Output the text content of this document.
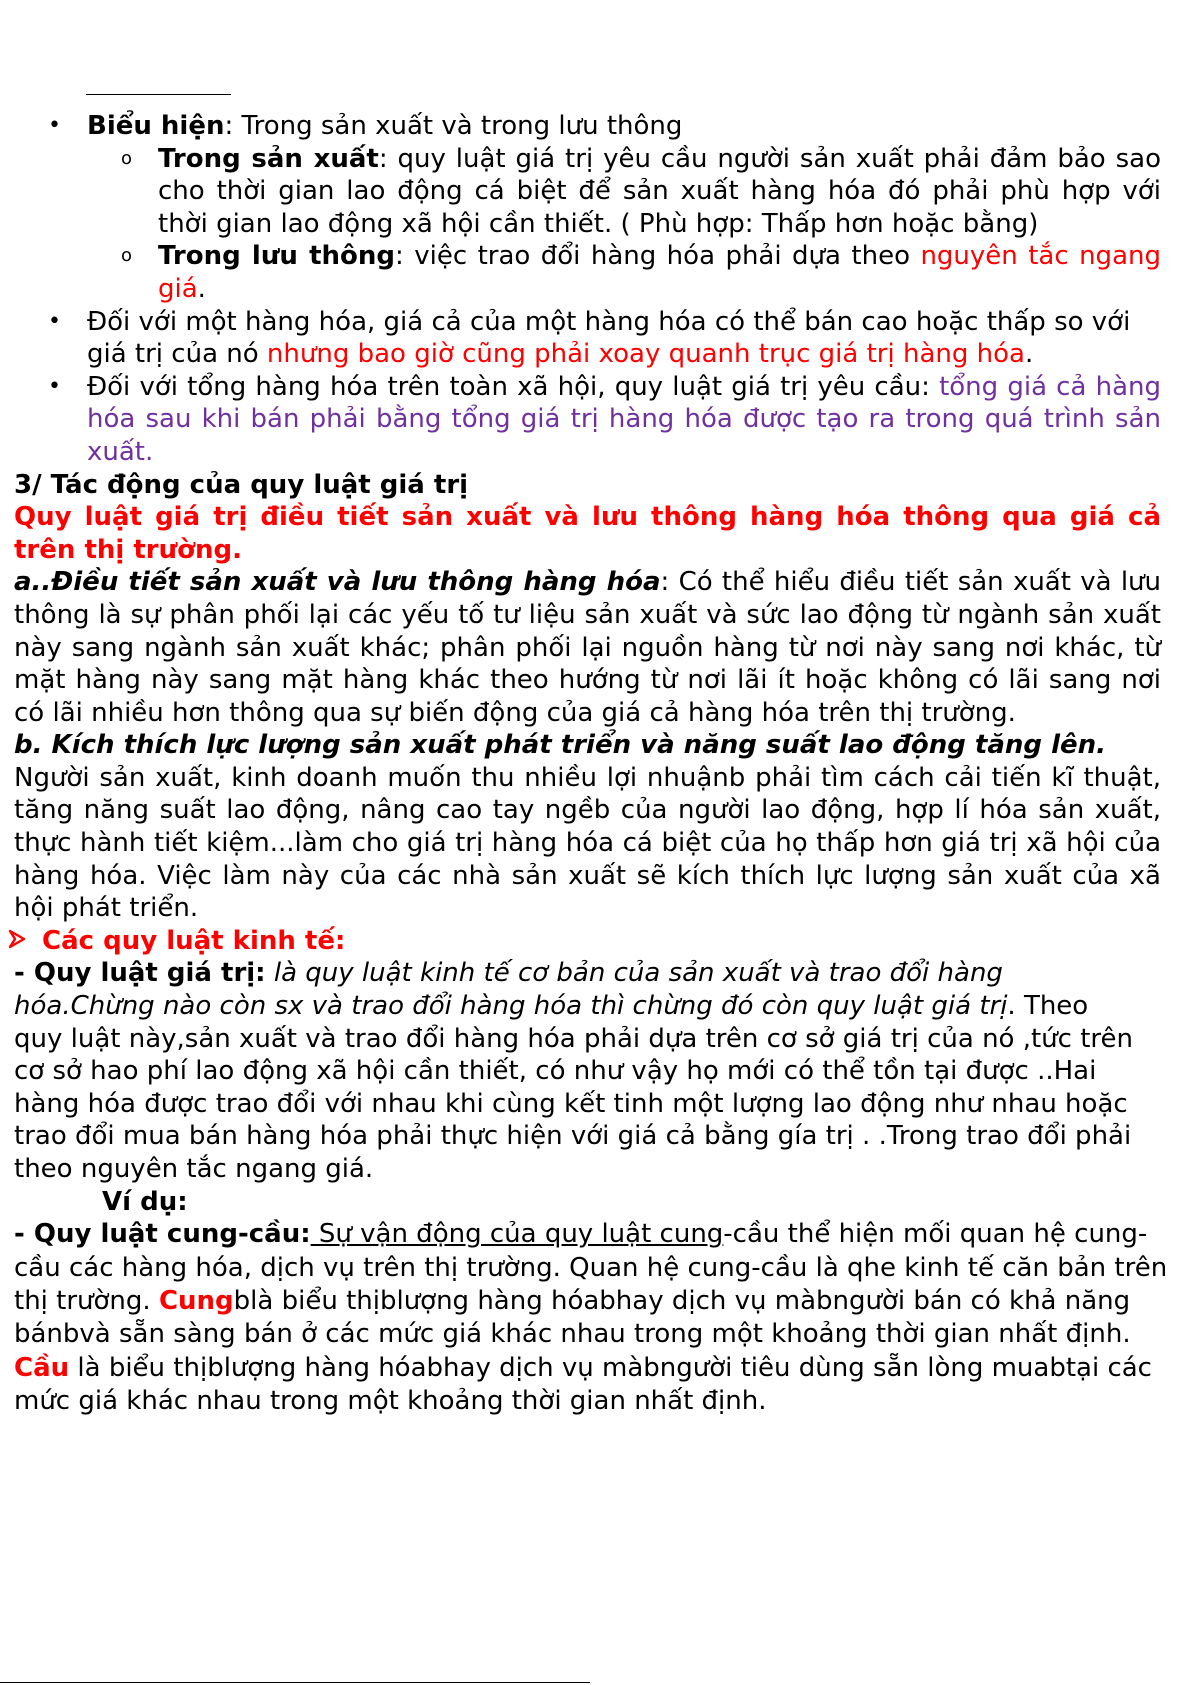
• Biểu hiện: Trong sản xuất và trong lưu thông
o Trong sản xuất: quy luật giá trị yêu cầu người sản xuất phải đảm bảo sao cho thời gian lao động cá biệt để sản xuất hàng hóa đó phải phù hợp với thời gian lao động xã hội cần thiết. ( Phù hợp: Thấp hơn hoặc bằng)
o Trong lưu thông: việc trao đổi hàng hóa phải dựa theo nguyên tắc ngang giá.
• Đối với một hàng hóa, giá cả của một hàng hóa có thể bán cao hoặc thấp so với giá trị của nó nhưng bao giờ cũng phải xoay quanh trục giá trị hàng hóa.
• Đối với tổng hàng hóa trên toàn xã hội, quy luật giá trị yêu cầu: tổng giá cả hàng hóa sau khi bán phải bằng tổng giá trị hàng hóa được tạo ra trong quá trình sản xuất.
3/ Tác động của quy luật giá trị
Quy luật giá trị điều tiết sản xuất và lưu thông hàng hóa thông qua giá cả trên thị trường.
a..Điều tiết sản xuất và lưu thông hàng hóa: Có thể hiểu điều tiết sản xuất và lưu thông là sự phân phối lại các yếu tố tư liệu sản xuất và sức lao động từ ngành sản xuất này sang ngành sản xuất khác; phân phối lại nguồn hàng từ nơi này sang nơi khác, từ mặt hàng này sang mặt hàng khác theo hướng từ nơi lãi ít hoặc không có lãi sang nơi có lãi nhiều hơn thông qua sự biến động của giá cả hàng hóa trên thị trường.
b. Kích thích lực lượng sản xuất phát triển và năng suất lao động tăng lên.
Người sản xuất, kinh doanh muốn thu nhiều lợi nhuậnb phải tìm cách cải tiến kĩ thuật, tăng năng suất lao động, nâng cao tay ngềb của người lao động, hợp lí hóa sản xuất, thực hành tiết kiệm...làm cho giá trị hàng hóa cá biệt của họ thấp hơn giá trị xã hội của hàng hóa. Việc làm này của các nhà sản xuất sẽ kích thích lực lượng sản xuất của xã hội phát triển.
Các quy luật kinh tế:
- Quy luật giá trị: là quy luật kinh tế cơ bản của sản xuất và trao đổi hàng hóa.Chừng nào còn sx và trao đổi hàng hóa thì chừng đó còn quy luật giá trị. Theo quy luật này,sản xuất và trao đổi hàng hóa phải dựa trên cơ sở giá trị của nó ,tức trên cơ sở hao phí lao động xã hội cần thiết, có như vậy họ mới có thể tồn tại được ..Hai hàng hóa được trao đổi với nhau khi cùng kết tinh một lượng lao động như nhau hoặc trao đổi mua bán hàng hóa phải thực hiện với giá cả bằng gía trị . .Trong trao đổi phải theo nguyên tắc ngang giá.
Ví dụ:
- Quy luật cung-cầu: Sự vận động của quy luật cung-cầu thể hiện mối quan hệ cung-cầu các hàng hóa, dịch vụ trên thị trường. Quan hệ cung-cầu là qhe kinh tế căn bản trên thị trường. Cungblà biểu thịblượng hàng hóabhay dịch vụ màbngười bán có khả năng bánbvà sẵn sàng bán ở các mức giá khác nhau trong một khoảng thời gian nhất định. Cầu là biểu thịblượng hàng hóabhay dịch vụ màbngười tiêu dùng sẵn lòng muabtại các mức giá khác nhau trong một khoảng thời gian nhất định.
